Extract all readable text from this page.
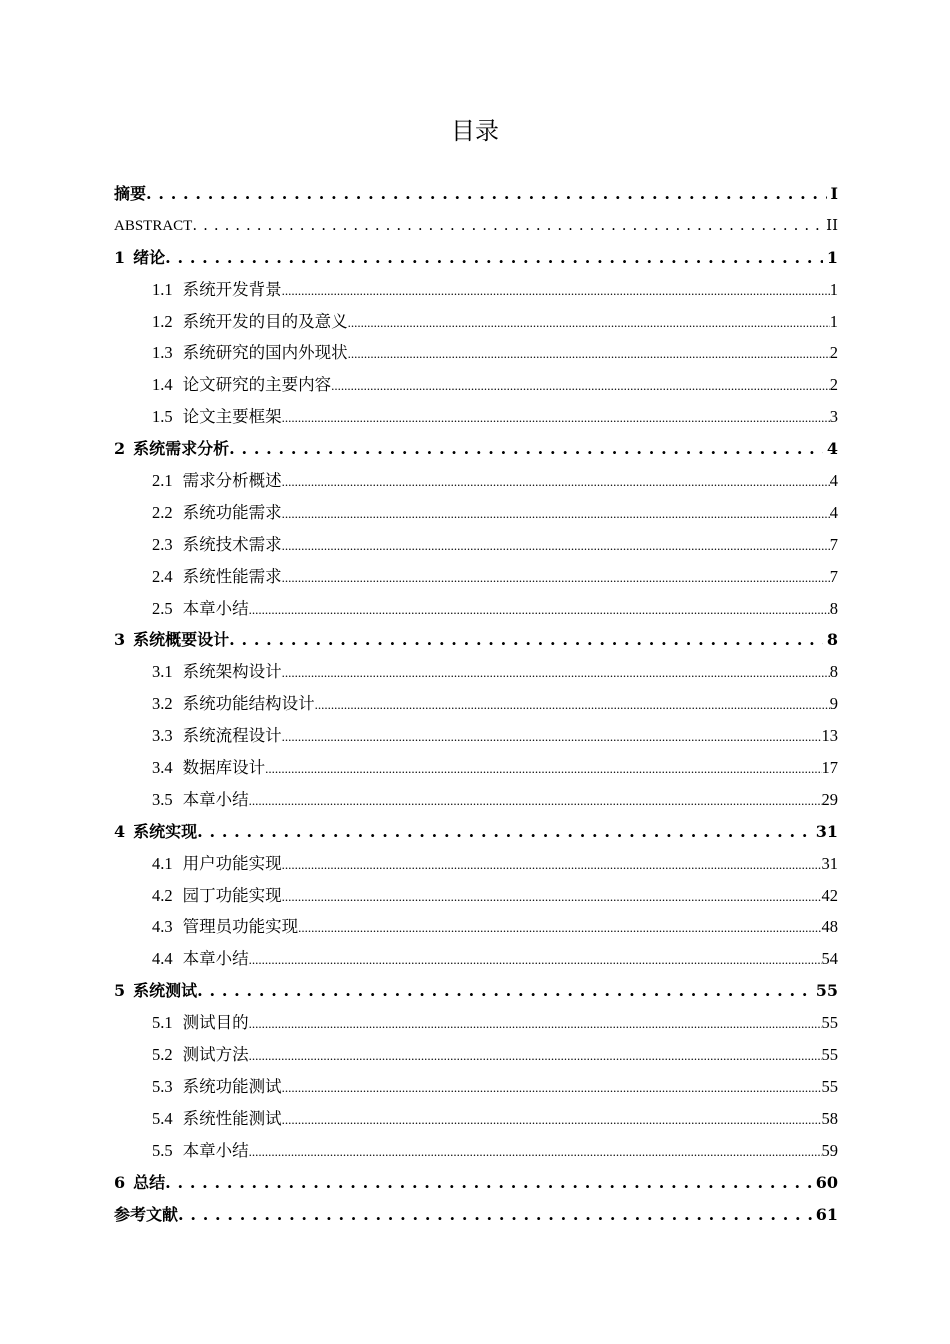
目录
摘要 . . .	I
ABSTRACT . . .	II
1 绪论 . . .	1
1.1 系统开发背景 .....	1
1.2 系统开发的目的及意义 .....	1
1.3 系统研究的国内外现状 .....	2
1.4 论文研究的主要内容 .....	2
1.5 论文主要框架 .....	3
2 系统需求分析 . . .	4
2.1 需求分析概述 .....	4
2.2 系统功能需求 .....	4
2.3 系统技术需求 .....	7
2.4 系统性能需求 .....	7
2.5 本章小结 .....	8
3 系统概要设计 . . .	8
3.1 系统架构设计 .....	8
3.2 系统功能结构设计 .....	9
3.3 系统流程设计 .....	13
3.4 数据库设计 .....	17
3.5 本章小结 .....	29
4 系统实现 . . .	31
4.1 用户功能实现 .....	31
4.2 园丁功能实现 .....	42
4.3 管理员功能实现 .....	48
4.4 本章小结 .....	54
5 系统测试 . . .	55
5.1 测试目的 .....	55
5.2 测试方法 .....	55
5.3 系统功能测试 .....	55
5.4 系统性能测试 .....	58
5.5 本章小结 .....	59
6 总结 . . .	60
参考文献 . . .	61
